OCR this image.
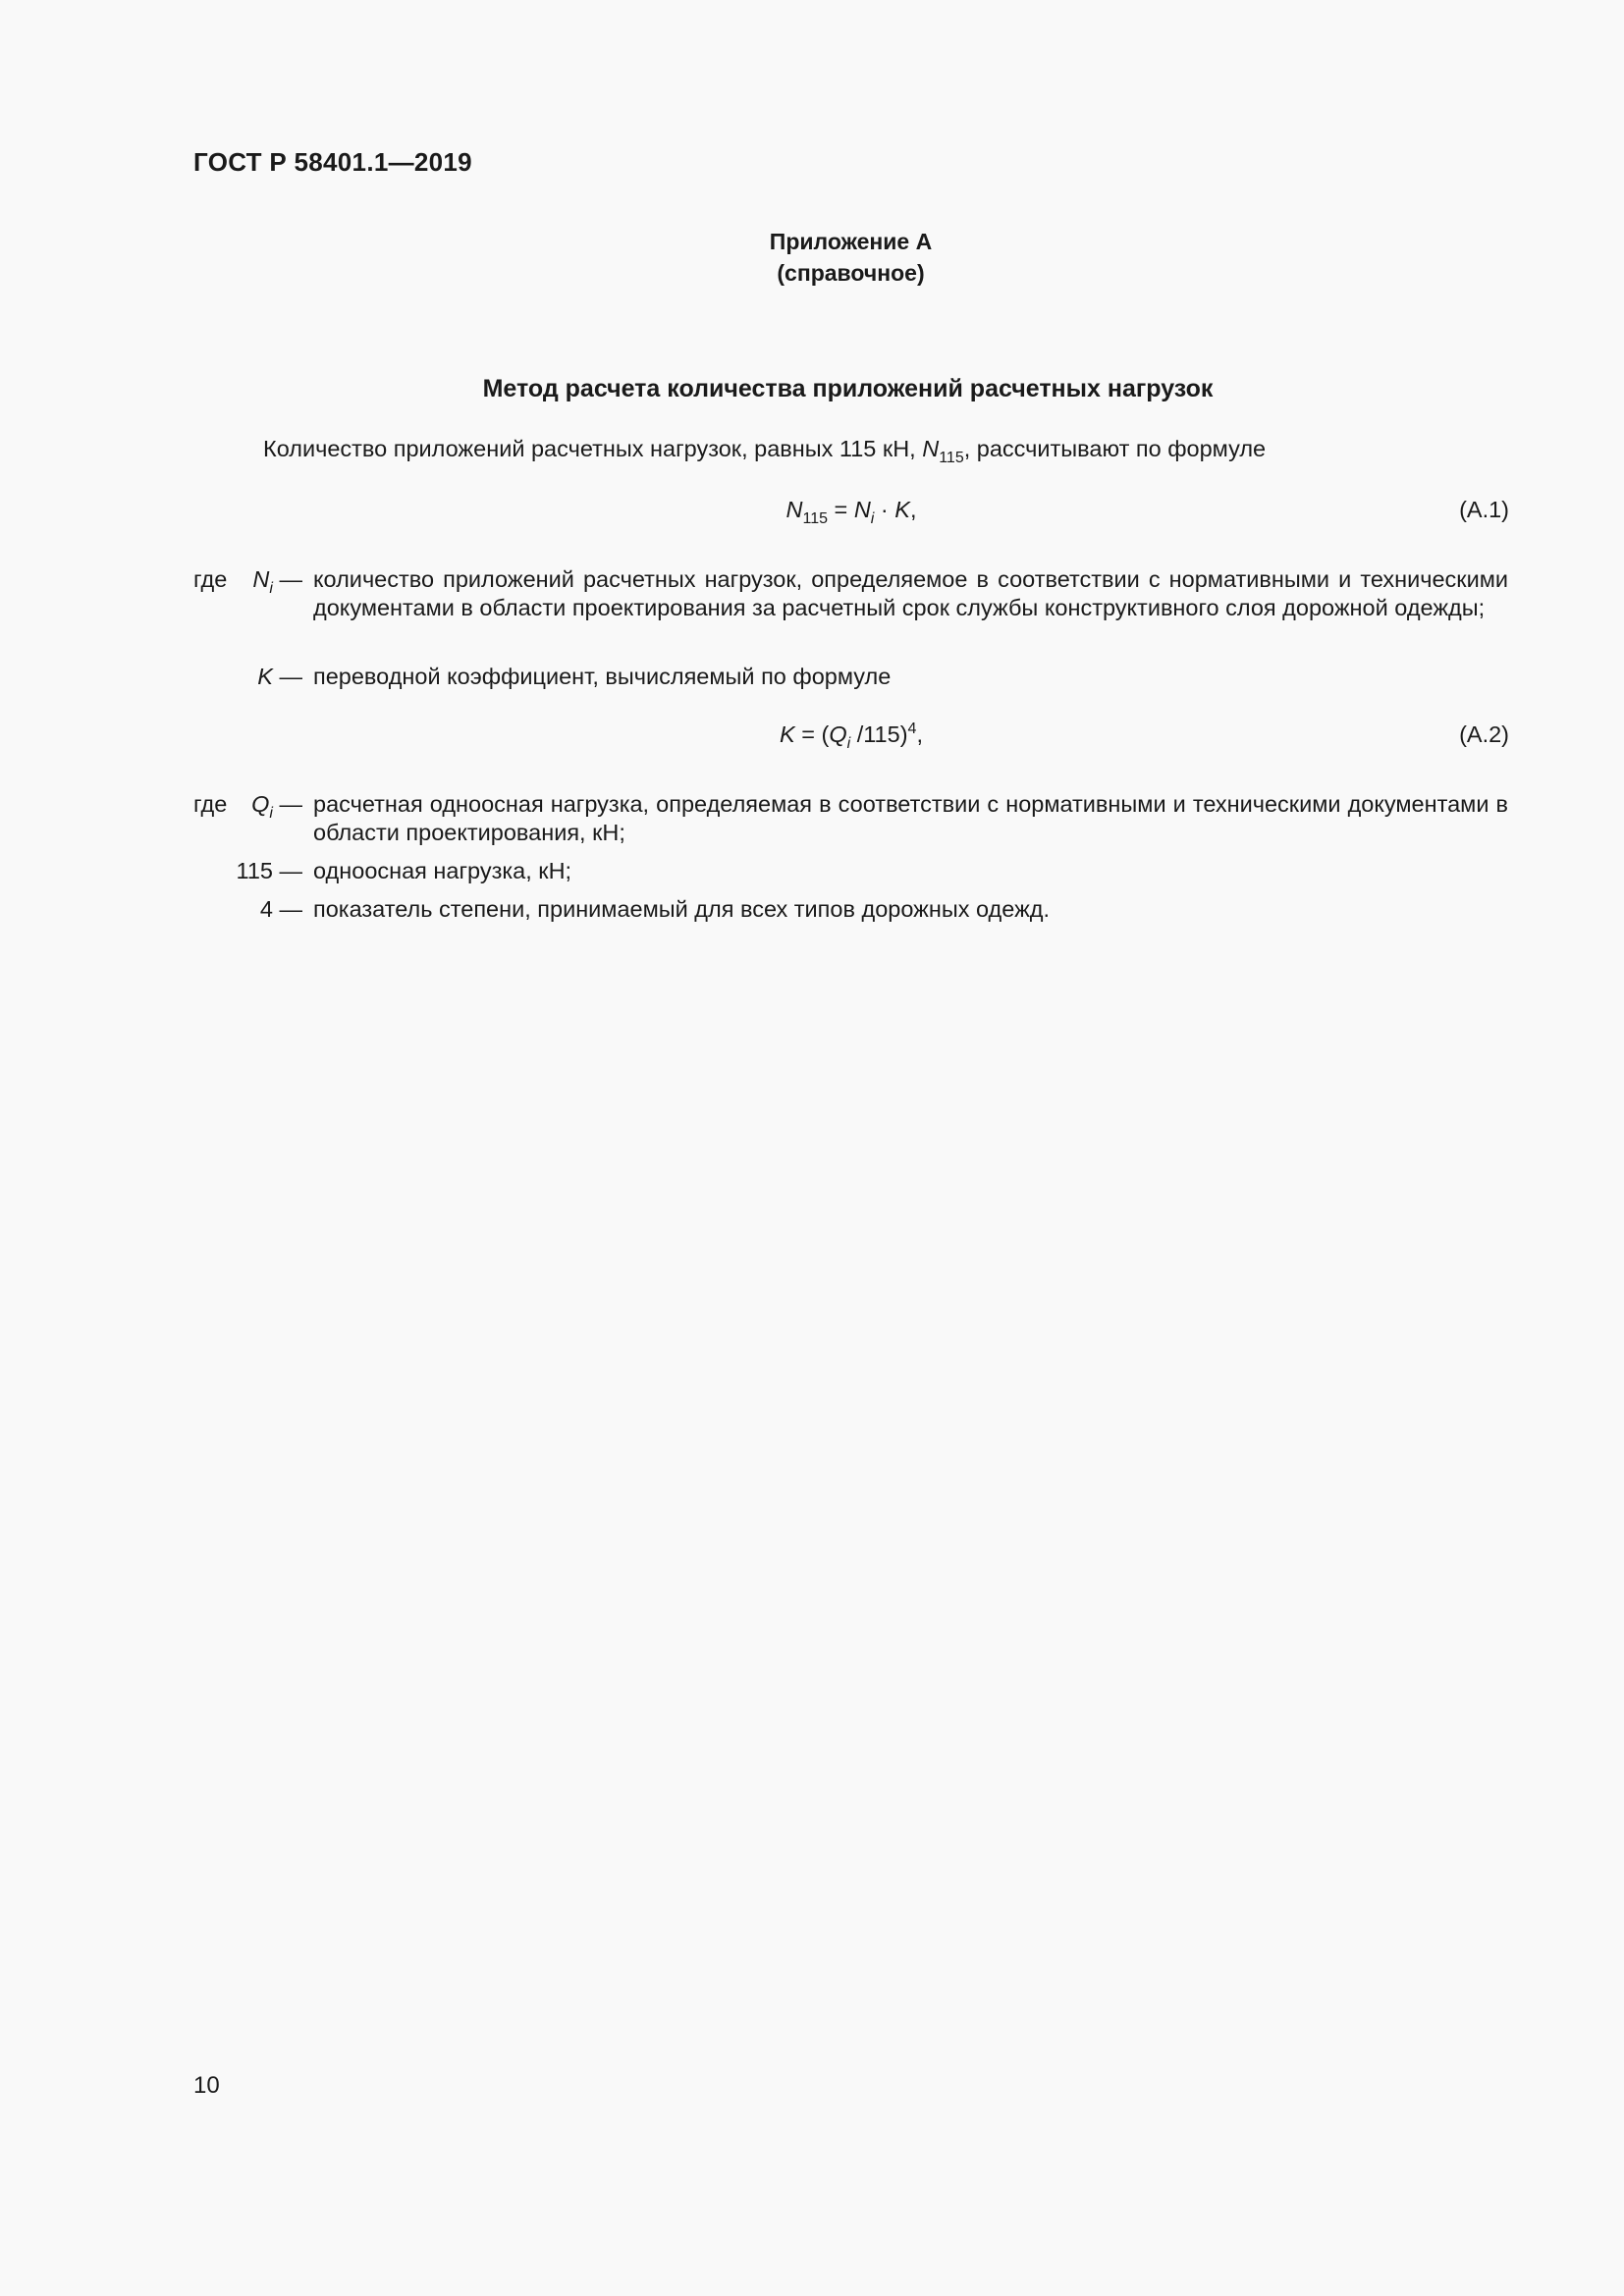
ГОСТ Р 58401.1—2019
Приложение А
(справочное)
Метод расчета количества приложений расчетных нагрузок
Количество приложений расчетных нагрузок, равных 115 кН, $N_{115}$, рассчитывают по формуле
$N_{115} = N_i \cdot K$,	(А.1)
где $N_i$ — количество приложений расчетных нагрузок, определяемое в соответствии с нормативными и техническими документами в области проектирования за расчетный срок службы конструктивного слоя дорожной одежды;
K — переводной коэффициент, вычисляемый по формуле
$K = (Q_i$ /115)$^4$,	(А.2)
где $Q_i$ — расчетная одноосная нагрузка, определяемая в соответствии с нормативными и техническими документами в области проектирования, кН;
115 — одноосная нагрузка, кН;
4 — показатель степени, принимаемый для всех типов дорожных одежд.
10
